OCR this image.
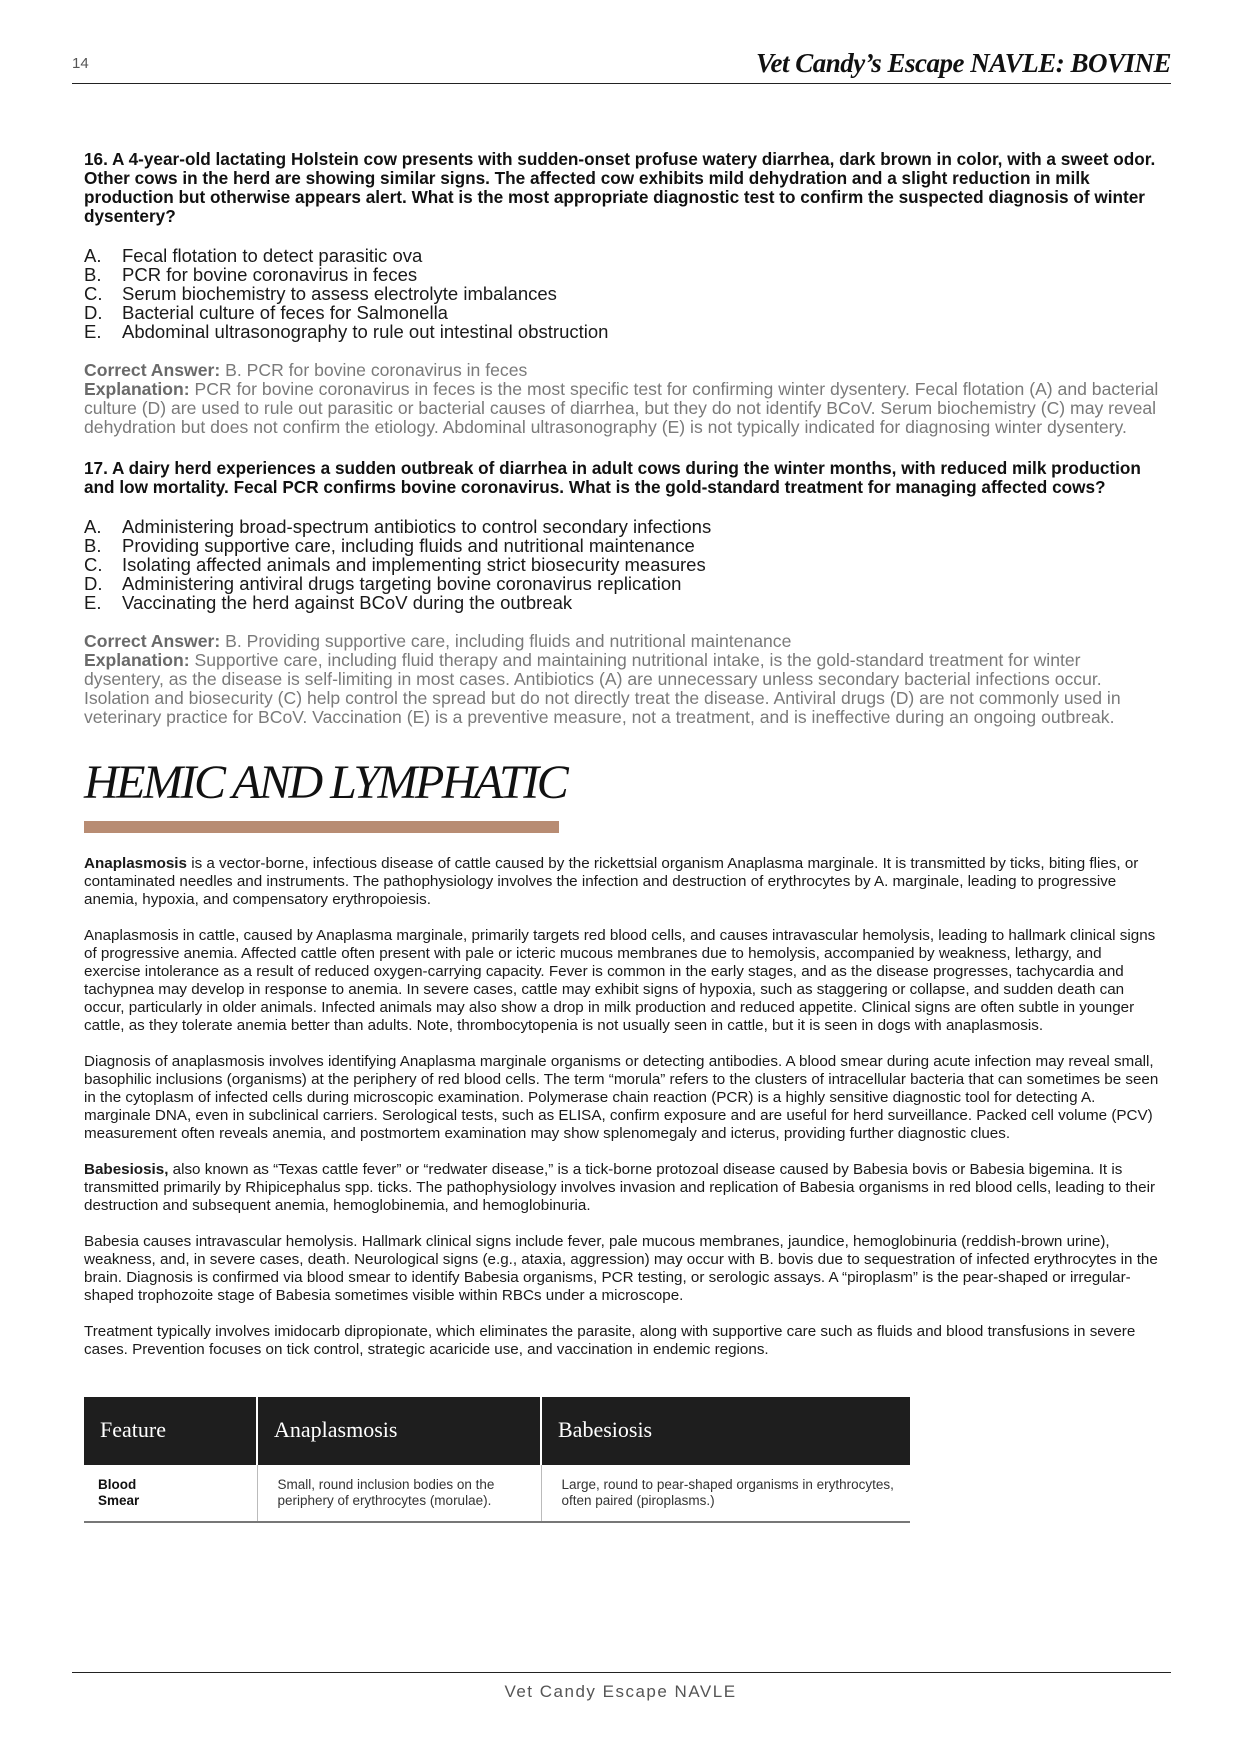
14	Vet Candy’s Escape NAVLE: BOVINE

16. A 4-year-old lactating Holstein cow presents with sudden-onset profuse watery diarrhea, dark brown in color, with a sweet odor. Other cows in the herd are showing similar signs. The affected cow exhibits mild dehydration and a slight reduction in milk production but otherwise appears alert. What is the most appropriate diagnostic test to confirm the suspected diagnosis of winter dysentery?

A.	Fecal flotation to detect parasitic ova
B.	PCR for bovine coronavirus in feces
C.	Serum biochemistry to assess electrolyte imbalances
D.	Bacterial culture of feces for Salmonella
E.	Abdominal ultrasonography to rule out intestinal obstruction
Correct Answer: B. PCR for bovine coronavirus in feces
Explanation: PCR for bovine coronavirus in feces is the most specific test for confirming winter dysentery. Fecal flotation (A) and bacterial culture (D) are used to rule out parasitic or bacterial causes of diarrhea, but they do not identify BCoV. Serum biochemistry (C) may reveal dehydration but does not confirm the etiology. Abdominal ultrasonography (E) is not typically indicated for diagnosing winter dysentery.

17. A dairy herd experiences a sudden outbreak of diarrhea in adult cows during the winter months, with reduced milk production and low mortality. Fecal PCR confirms bovine coronavirus. What is the gold-standard treatment for managing affected cows?

A.	Administering broad-spectrum antibiotics to control secondary infections
B.	Providing supportive care, including fluids and nutritional maintenance
C.	Isolating affected animals and implementing strict biosecurity measures
D.	Administering antiviral drugs targeting bovine coronavirus replication
E.	Vaccinating the herd against BCoV during the outbreak
Correct Answer: B. Providing supportive care, including fluids and nutritional maintenance
Explanation: Supportive care, including fluid therapy and maintaining nutritional intake, is the gold-standard treatment for winter dysentery, as the disease is self-limiting in most cases. Antibiotics (A) are unnecessary unless secondary bacterial infections occur. Isolation and biosecurity (C) help control the spread but do not directly treat the disease. Antiviral drugs (D) are not commonly used in veterinary practice for BCoV. Vaccination (E) is a preventive measure, not a treatment, and is ineffective during an ongoing outbreak.
HEMIC AND LYMPHATIC

Anaplasmosis is a vector-borne, infectious disease of cattle caused by the rickettsial organism Anaplasma marginale. It is transmitted by ticks, biting flies, or contaminated needles and instruments. The pathophysiology involves the infection and destruction of erythrocytes by A. marginale, leading to progressive anemia, hypoxia, and compensatory erythropoiesis.

Anaplasmosis in cattle, caused by Anaplasma marginale, primarily targets red blood cells, and causes intravascular hemolysis, leading to hallmark clinical signs of progressive anemia. Affected cattle often present with pale or icteric mucous membranes due to hemolysis, accompanied by weakness, lethargy, and exercise intolerance as a result of reduced oxygen-carrying capacity. Fever is common in the early stages, and as the disease progresses, tachycardia and tachypnea may develop in response to anemia. In severe cases, cattle may exhibit signs of hypoxia, such as staggering or collapse, and sudden death can occur, particularly in older animals. Infected animals may also show a drop in milk production and reduced appetite. Clinical signs are often subtle in younger cattle, as they tolerate anemia better than adults. Note, thrombocytopenia is not usually seen in cattle, but it is seen in dogs with anaplasmosis.

Diagnosis of anaplasmosis involves identifying Anaplasma marginale organisms or detecting antibodies. A blood smear during acute infection may reveal small, basophilic inclusions (organisms) at the periphery of red blood cells. The term “morula” refers to the clusters of intracellular bacteria that can sometimes be seen in the cytoplasm of infected cells during microscopic examination. Polymerase chain reaction (PCR) is a highly sensitive diagnostic tool for detecting A. marginale DNA, even in subclinical carriers. Serological tests, such as ELISA, confirm exposure and are useful for herd surveillance. Packed cell volume (PCV) measurement often reveals anemia, and postmortem examination may show splenomegaly and icterus, providing further diagnostic clues.

Babesiosis, also known as “Texas cattle fever” or “redwater disease,” is a tick-borne protozoal disease caused by Babesia bovis or Babesia bigemina. It is transmitted primarily by Rhipicephalus spp. ticks. The pathophysiology involves invasion and replication of Babesia organisms in red blood cells, leading to their destruction and subsequent anemia, hemoglobinemia, and hemoglobinuria.

Babesia causes intravascular hemolysis. Hallmark clinical signs include fever, pale mucous membranes, jaundice, hemoglobinuria (reddish-brown urine), weakness, and, in severe cases, death. Neurological signs (e.g., ataxia, aggression) may occur with B. bovis due to sequestration of infected erythrocytes in the brain. Diagnosis is confirmed via blood smear to identify Babesia organisms, PCR testing, or serologic assays. A “piroplasm” is the pear-shaped or irregular-shaped trophozoite stage of Babesia sometimes visible within RBCs under a microscope.

Treatment typically involves imidocarb dipropionate, which eliminates the parasite, along with supportive care such as fluids and blood transfusions in severe cases. Prevention focuses on tick control, strategic acaricide use, and vaccination in endemic regions.

Feature	Anaplasmosis	Babesiosis
Blood
Smear	Small, round inclusion bodies on the periphery of erythrocytes (morulae).	Large, round to pear-shaped organisms in erythrocytes, often paired (piroplasms.)
Vet Candy Escape NAVLE
